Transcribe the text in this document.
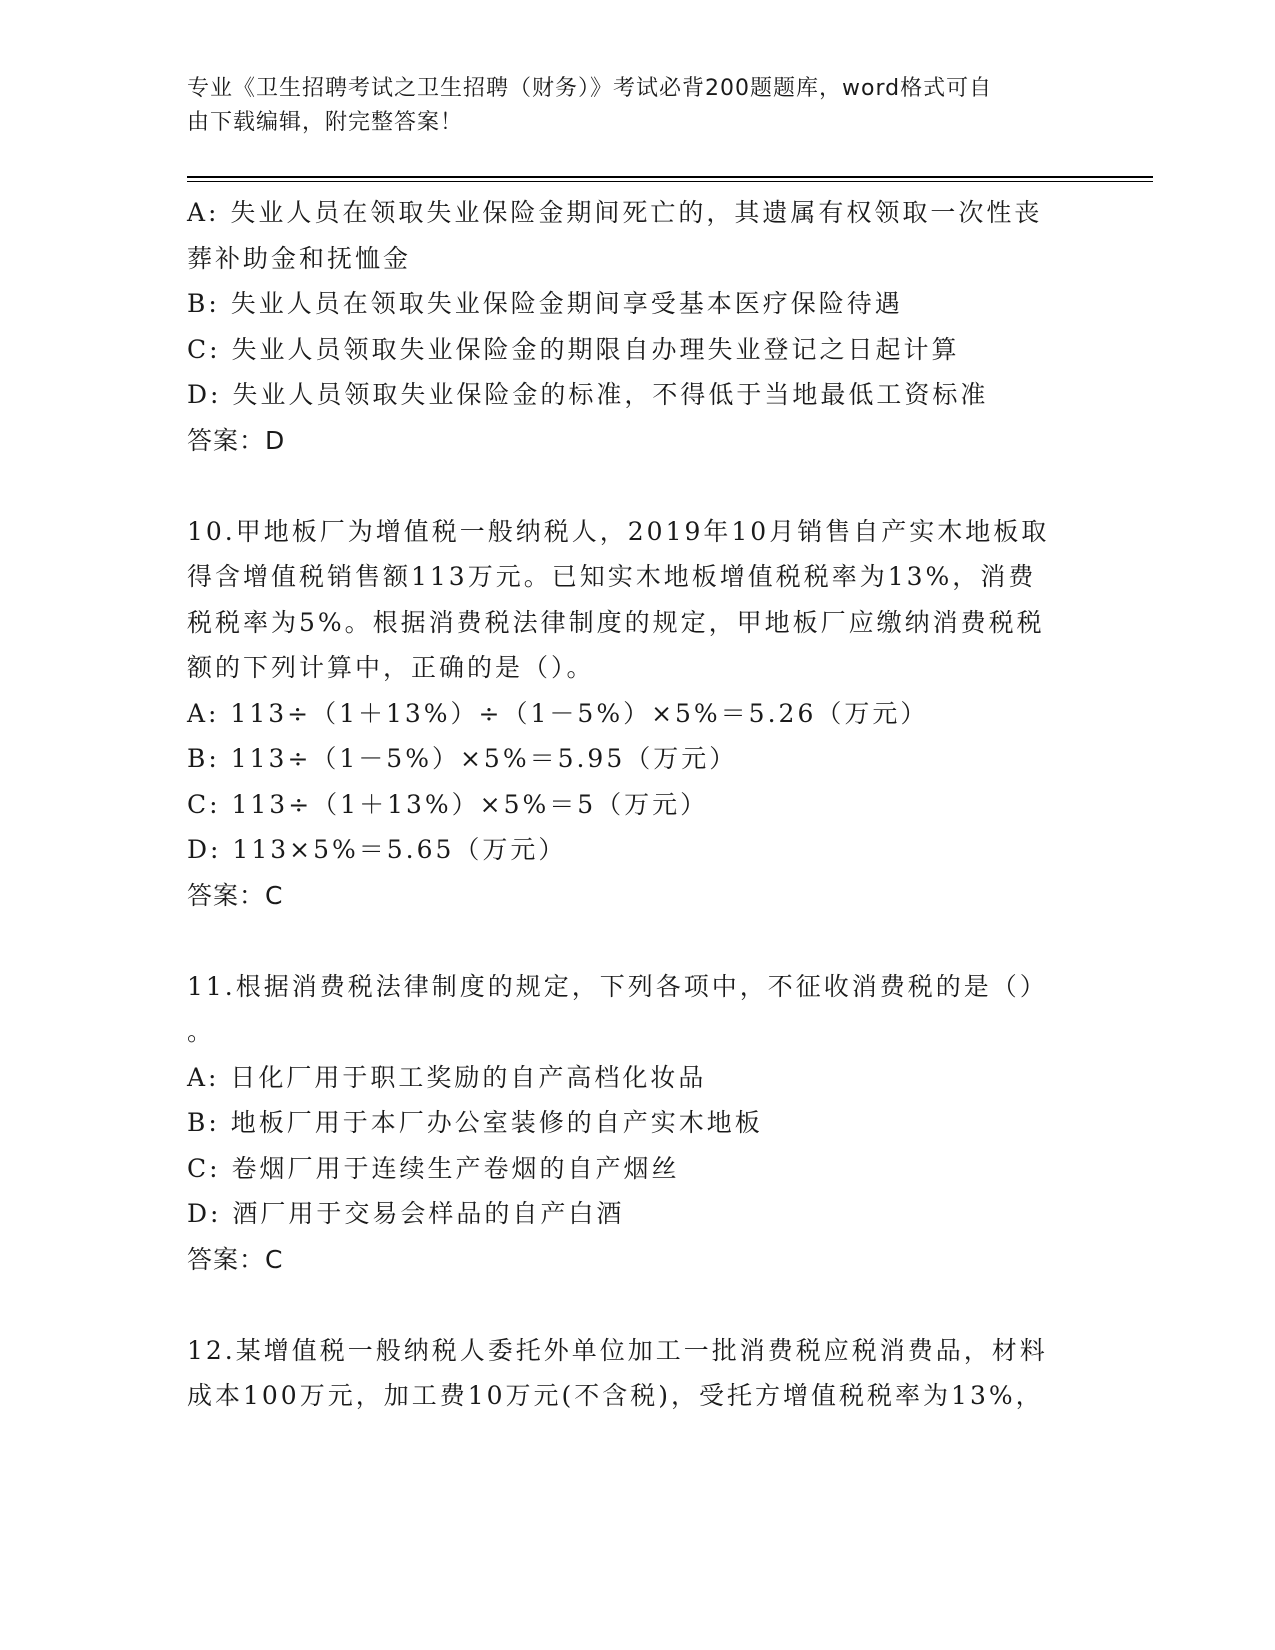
专业《卫生招聘考试之卫生招聘（财务）》考试必背200题题库，word格式可自
由下载编辑，附完整答案！
A: 失业人员在领取失业保险金期间死亡的，其遗属有权领取一次性丧
葬补助金和抚恤金
B: 失业人员在领取失业保险金期间享受基本医疗保险待遇
C: 失业人员领取失业保险金的期限自办理失业登记之日起计算
D: 失业人员领取失业保险金的标准，不得低于当地最低工资标准
答案：D
10.甲地板厂为增值税一般纳税人，2019年10月销售自产实木地板取
得含增值税销售额113万元。已知实木地板增值税税率为13%，消费
税税率为5%。根据消费税法律制度的规定，甲地板厂应缴纳消费税税
额的下列计算中，正确的是（）。
A: 113÷（1＋13%）÷（1－5%）×5%＝5.26（万元）
B: 113÷（1－5%）×5%＝5.95（万元）
C: 113÷（1＋13%）×5%＝5（万元）
D: 113×5%＝5.65（万元）
答案：C
11.根据消费税法律制度的规定，下列各项中，不征收消费税的是（）
。
A: 日化厂用于职工奖励的自产高档化妆品
B: 地板厂用于本厂办公室装修的自产实木地板
C: 卷烟厂用于连续生产卷烟的自产烟丝
D: 酒厂用于交易会样品的自产白酒
答案：C
12.某增值税一般纳税人委托外单位加工一批消费税应税消费品，材料
成本100万元，加工费10万元(不含税)，受托方增值税税率为13%，
